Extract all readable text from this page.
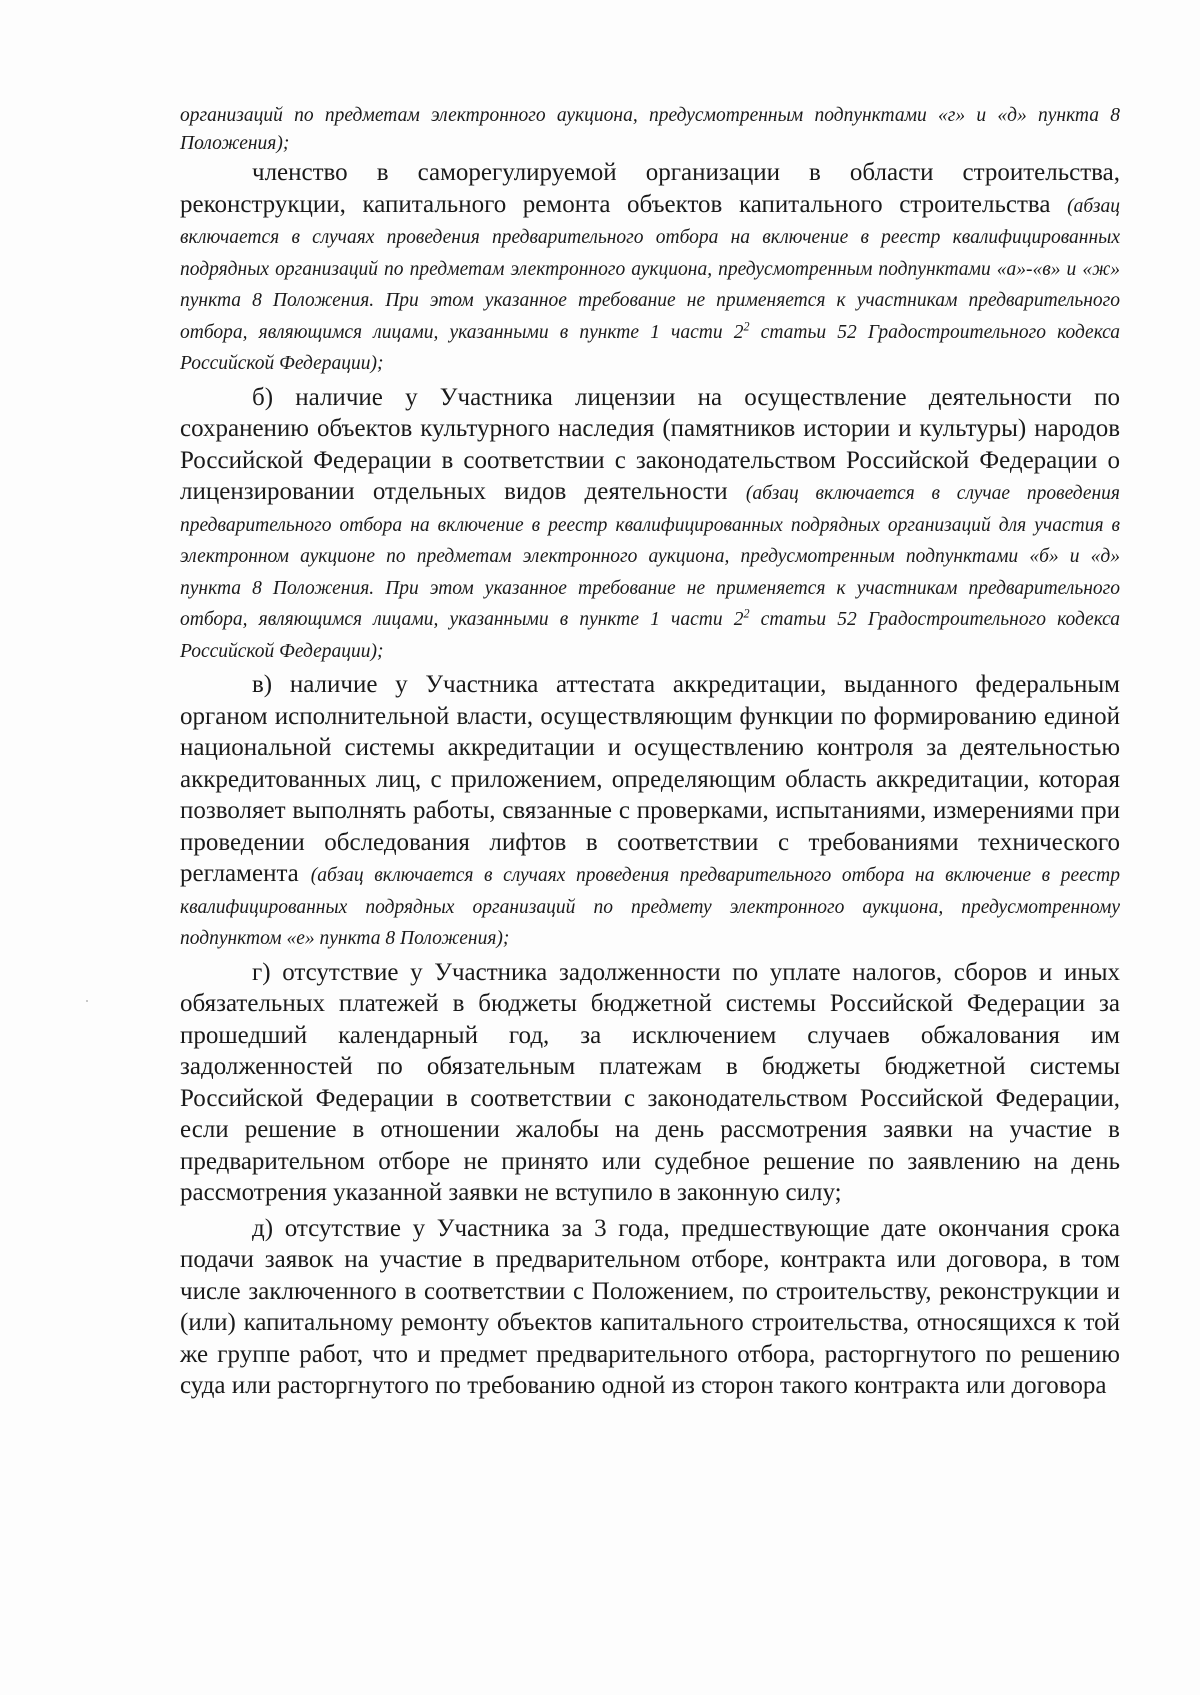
организаций по предметам электронного аукциона, предусмотренным подпунктами «г» и «д» пункта 8 Положения);

членство в саморегулируемой организации в области строительства, реконструкции, капитального ремонта объектов капитального строительства (абзац включается в случаях проведения предварительного отбора на включение в реестр квалифицированных подрядных организаций по предметам электронного аукциона, предусмотренным подпунктами «а»-«в» и «ж» пункта 8 Положения. При этом указанное требование не применяется к участникам предварительного отбора, являющимся лицами, указанными в пункте 1 части $2^2$ статьи 52 Градостроительного кодекса Российской Федерации);

б) наличие у Участника лицензии на осуществление деятельности по сохранению объектов культурного наследия (памятников истории и культуры) народов Российской Федерации в соответствии с законодательством Российской Федерации о лицензировании отдельных видов деятельности (абзац включается в случае проведения предварительного отбора на включение в реестр квалифицированных подрядных организаций для участия в электронном аукционе по предметам электронного аукциона, предусмотренным подпунктами «б» и «д» пункта 8 Положения. При этом указанное требование не применяется к участникам предварительного отбора, являющимся лицами, указанными в пункте 1 части $2^2$ статьи 52 Градостроительного кодекса Российской Федерации);

в) наличие у Участника аттестата аккредитации, выданного федеральным органом исполнительной власти, осуществляющим функции по формированию единой национальной системы аккредитации и осуществлению контроля за деятельностью аккредитованных лиц, с приложением, определяющим область аккредитации, которая позволяет выполнять работы, связанные с проверками, испытаниями, измерениями при проведении обследования лифтов в соответствии с требованиями технического регламента (абзац включается в случаях проведения предварительного отбора на включение в реестр квалифицированных подрядных организаций по предмету электронного аукциона, предусмотренному подпунктом «е» пункта 8 Положения);

г) отсутствие у Участника задолженности по уплате налогов, сборов и иных обязательных платежей в бюджеты бюджетной системы Российской Федерации за прошедший календарный год, за исключением случаев обжалования им задолженностей по обязательным платежам в бюджеты бюджетной системы Российской Федерации в соответствии с законодательством Российской Федерации, если решение в отношении жалобы на день рассмотрения заявки на участие в предварительном отборе не принято или судебное решение по заявлению на день рассмотрения указанной заявки не вступило в законную силу;

д) отсутствие у Участника за 3 года, предшествующие дате окончания срока подачи заявок на участие в предварительном отборе, контракта или договора, в том числе заключенного в соответствии с Положением, по строительству, реконструкции и (или) капитальному ремонту объектов капитального строительства, относящихся к той же группе работ, что и предмет предварительного отбора, расторгнутого по решению суда или расторгнутого по требованию одной из сторон такого контракта или договора
